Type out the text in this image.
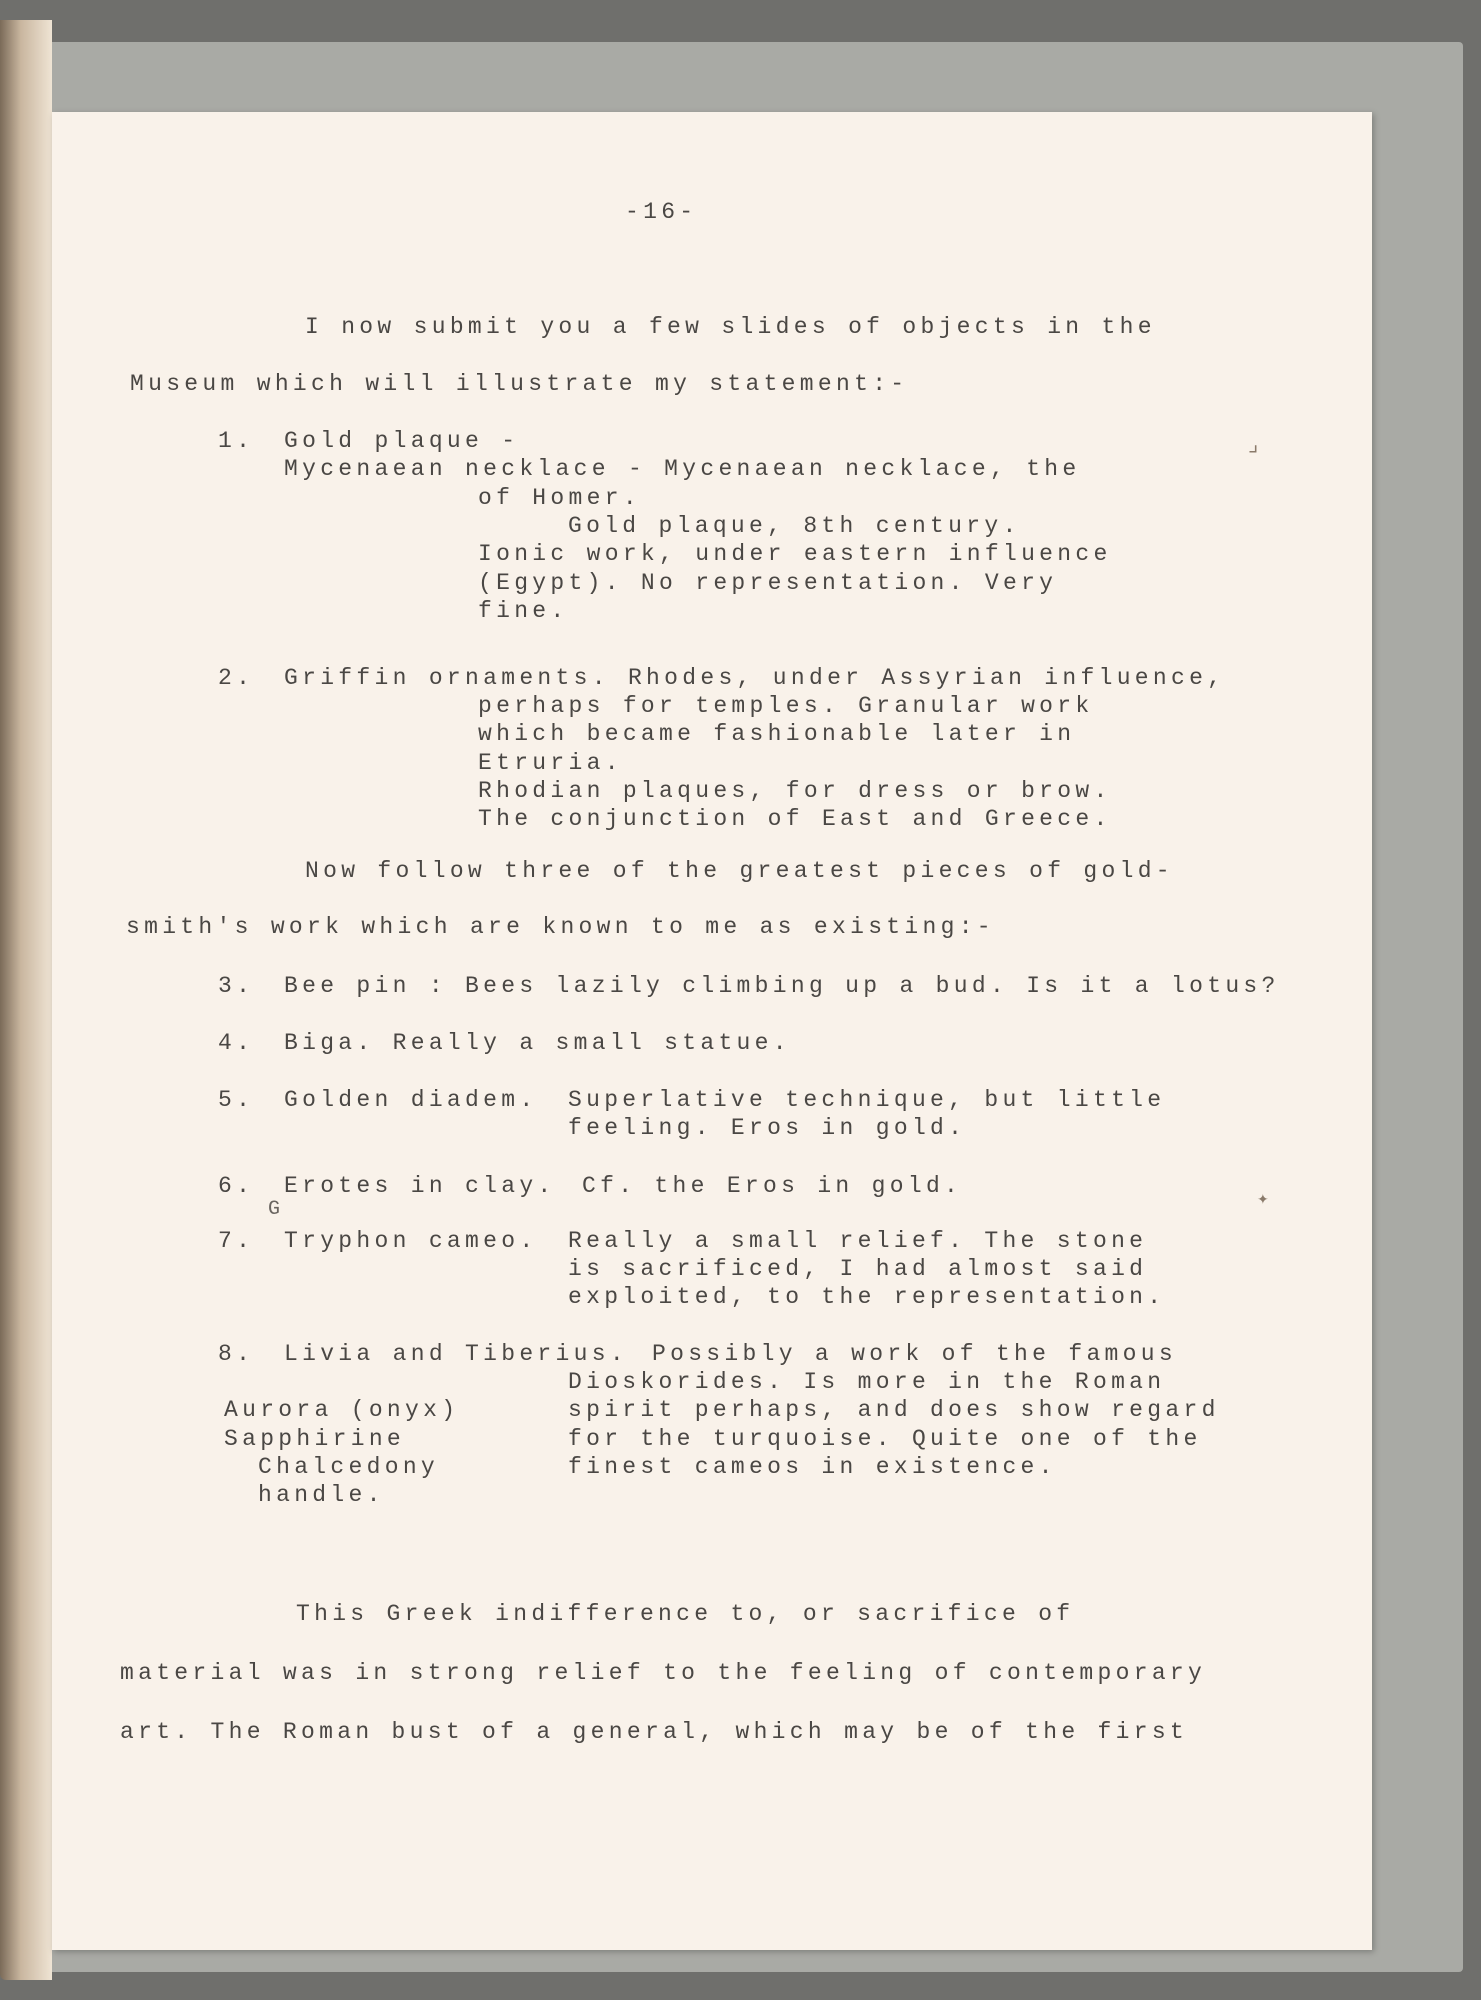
-16-
I now submit you a few slides of objects in the
Museum which will illustrate my statement:-
1. Gold plaque -
Mycenaean necklace - Mycenaean necklace, the
of Homer.
Gold plaque, 8th century.
Ionic work, under eastern influence
(Egypt). No representation. Very
fine.
2. Griffin ornaments. Rhodes, under Assyrian influence,
perhaps for temples. Granular work
which became fashionable later in
Etruria.
Rhodian plaques, for dress or brow.
The conjunction of East and Greece.
Now follow three of the greatest pieces of gold-
smith's work which are known to me as existing:-
3. Bee pin : Bees lazily climbing up a bud. Is it a lotus?
4. Biga. Really a small statue.
5. Golden diadem. Superlative technique, but little
feeling. Eros in gold.
6. Erotes in clay. Cf. the Eros in gold.
G
7. Tryphon cameo. Really a small relief. The stone
is sacrificed, I had almost said
exploited, to the representation.
8. Livia and Tiberius. Possibly a work of the famous
Dioskorides. Is more in the Roman
spirit perhaps, and does show regard
for the turquoise. Quite one of the
finest cameos in existence.
Aurora (onyx)
Sapphirine
Chalcedony
handle.
This Greek indifference to, or sacrifice of
material was in strong relief to the feeling of contemporary
art. The Roman bust of a general, which may be of the first
⌟
✦
